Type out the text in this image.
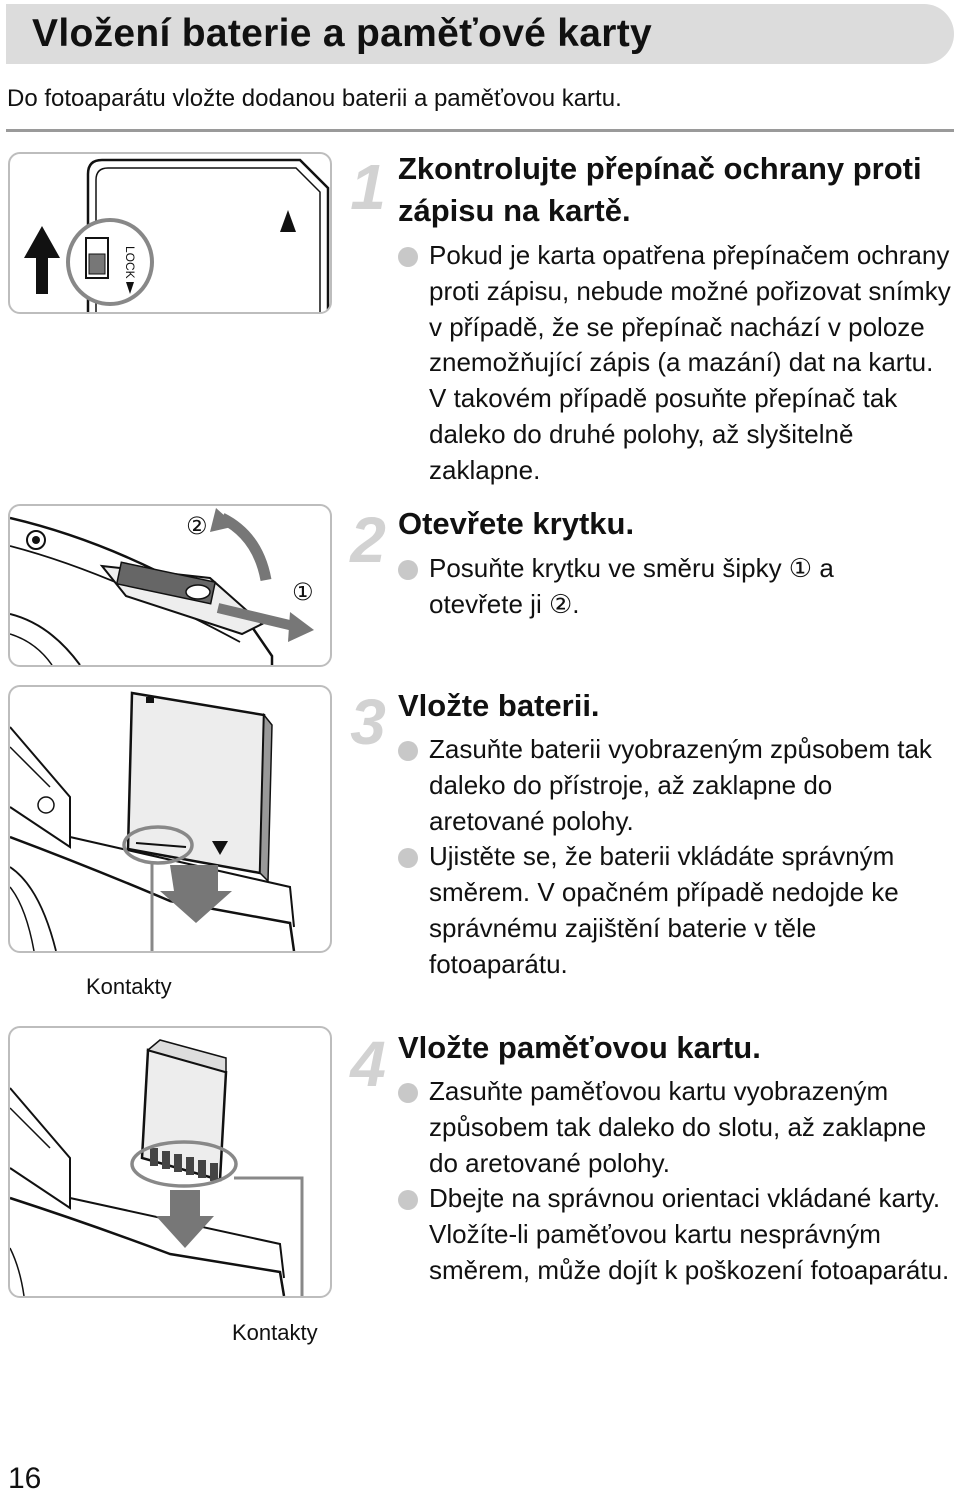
Vložení baterie a paměťové karty

Do fotoaparátu vložte dodanou baterii a paměťovou kartu.

LOCK
②
①
Kontakty
Kontakty
1 Zkontrolujte přepínač ochrany proti zápisu na kartě.
Pokud je karta opatřena přepínačem ochrany proti zápisu, nebude možné pořizovat snímky v případě, že se přepínač nachází v poloze znemožňující zápis (a mazání) dat na kartu. V takovém případě posuňte přepínač tak daleko do druhé polohy, až slyšitelně zaklapne.
2 Otevřete krytku.
Posuňte krytku ve směru šipky ① a otevřete ji ②.
3 Vložte baterii.
Zasuňte baterii vyobrazeným způsobem tak daleko do přístroje, až zaklapne do aretované polohy.
Ujistěte se, že baterii vkládáte správným směrem. V opačném případě nedojde ke správnému zajištění baterie v těle fotoaparátu.
4 Vložte paměťovou kartu.
Zasuňte paměťovou kartu vyobrazeným způsobem tak daleko do slotu, až zaklapne do aretované polohy.
Dbejte na správnou orientaci vkládané karty. Vložíte-li paměťovou kartu nesprávným směrem, může dojít k poškození fotoaparátu.
16
